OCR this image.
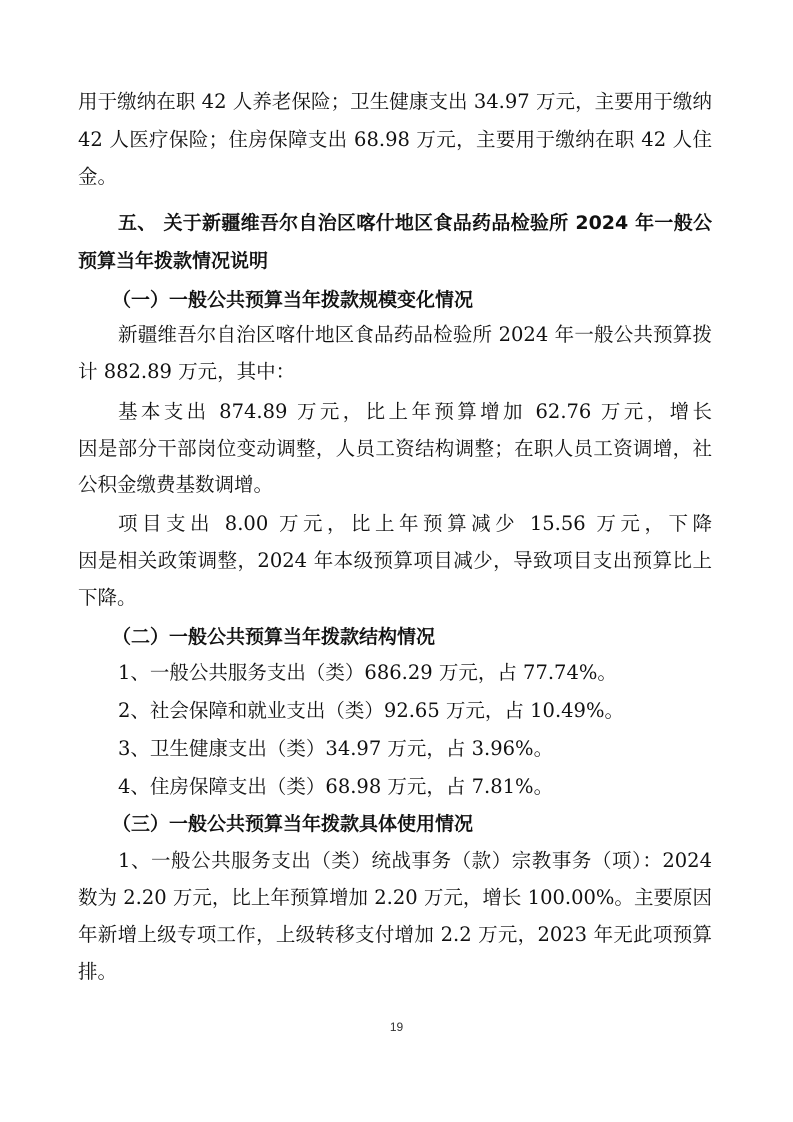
用于缴纳在职 42 人养老保险；卫生健康支出 34.97 万元，主要用于缴纳
42 人医疗保险；住房保障支出 68.98 万元，主要用于缴纳在职 42 人住
金。
五、 关于新疆维吾尔自治区喀什地区食品药品检验所 2024 年一般公
预算当年拨款情况说明
（一）一般公共预算当年拨款规模变化情况
新疆维吾尔自治区喀什地区食品药品检验所 2024 年一般公共预算拨
计 882.89 万元，其中：
基本支出 874.89 万元，比上年预算增加 62.76 万元，增长
因是部分干部岗位变动调整，人员工资结构调整；在职人员工资调增，社
公积金缴费基数调增。
项目支出 8.00 万元，比上年预算减少 15.56 万元，下降
因是相关政策调整，2024 年本级预算项目减少，导致项目支出预算比上
下降。
（二）一般公共预算当年拨款结构情况
1、一般公共服务支出（类）686.29 万元，占 77.74%。
2、社会保障和就业支出（类）92.65 万元，占 10.49%。
3、卫生健康支出（类）34.97 万元，占 3.96%。
4、住房保障支出（类）68.98 万元，占 7.81%。
（三）一般公共预算当年拨款具体使用情况
1、一般公共服务支出（类）统战事务（款）宗教事务（项）：2024
数为 2.20 万元，比上年预算增加 2.20 万元，增长 100.00%。主要原因
年新增上级专项工作，上级转移支付增加 2.2 万元，2023 年无此项预算
排。
19
